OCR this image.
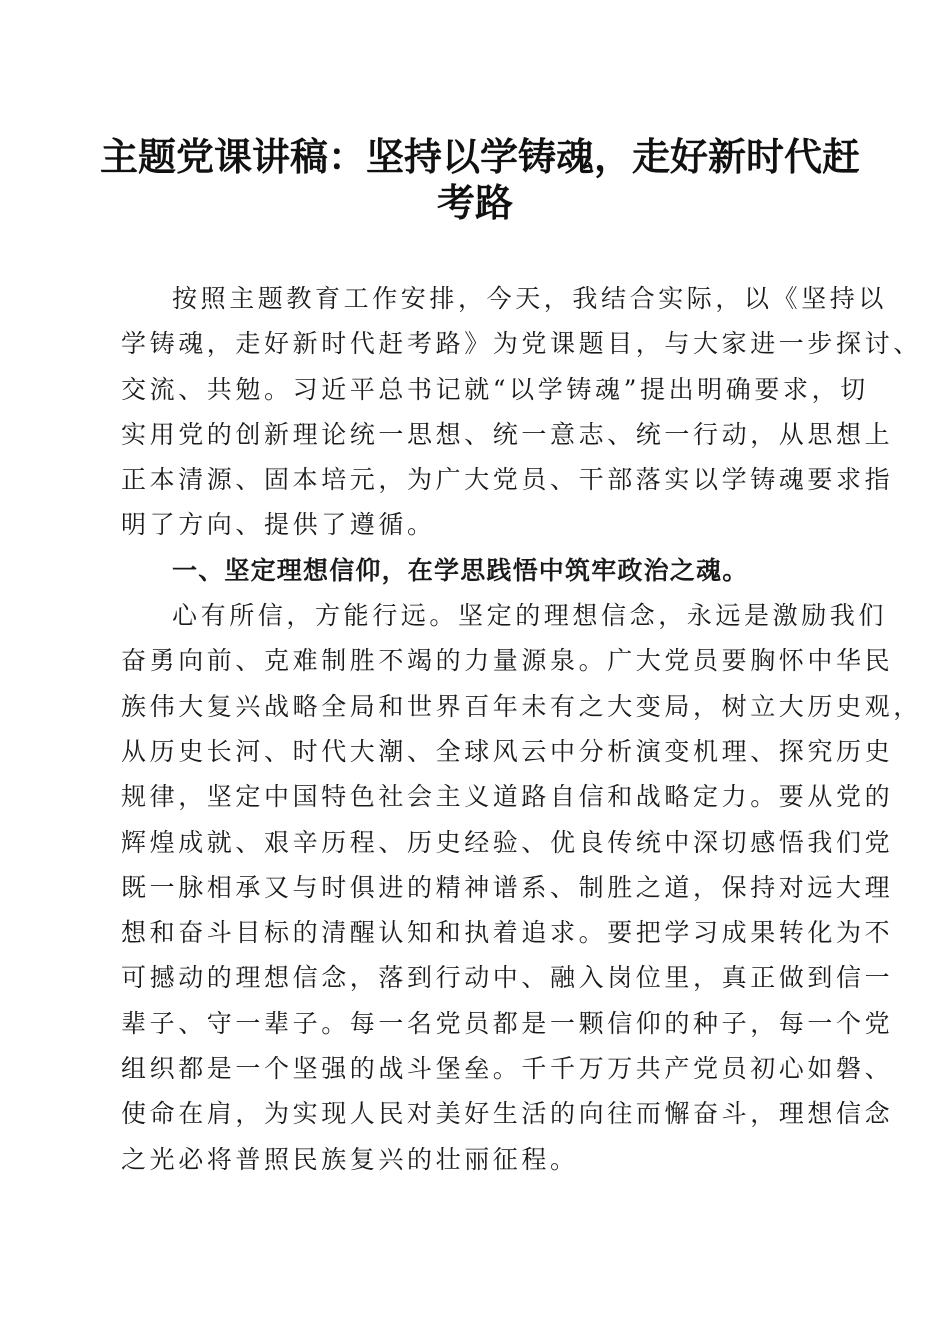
主题党课讲稿：坚持以学铸魂，走好新时代赶
考路
按照主题教育工作安排，今天，我结合实际，以《坚持以
学铸魂，走好新时代赶考路》为党课题目，与大家进一步探讨、
交流、共勉。习近平总书记就“以学铸魂”提出明确要求，切
实用党的创新理论统一思想、统一意志、统一行动，从思想上
正本清源、固本培元，为广大党员、干部落实以学铸魂要求指
明了方向、提供了遵循。
一、坚定理想信仰，在学思践悟中筑牢政治之魂。
心有所信，方能行远。坚定的理想信念，永远是激励我们
奋勇向前、克难制胜不竭的力量源泉。广大党员要胸怀中华民
族伟大复兴战略全局和世界百年未有之大变局，树立大历史观，
从历史长河、时代大潮、全球风云中分析演变机理、探究历史
规律，坚定中国特色社会主义道路自信和战略定力。要从党的
辉煌成就、艰辛历程、历史经验、优良传统中深切感悟我们党
既一脉相承又与时俱进的精神谱系、制胜之道，保持对远大理
想和奋斗目标的清醒认知和执着追求。要把学习成果转化为不
可撼动的理想信念，落到行动中、融入岗位里，真正做到信一
辈子、守一辈子。每一名党员都是一颗信仰的种子，每一个党
组织都是一个坚强的战斗堡垒。千千万万共产党员初心如磐、
使命在肩，为实现人民对美好生活的向往而懈奋斗，理想信念
之光必将普照民族复兴的壮丽征程。
